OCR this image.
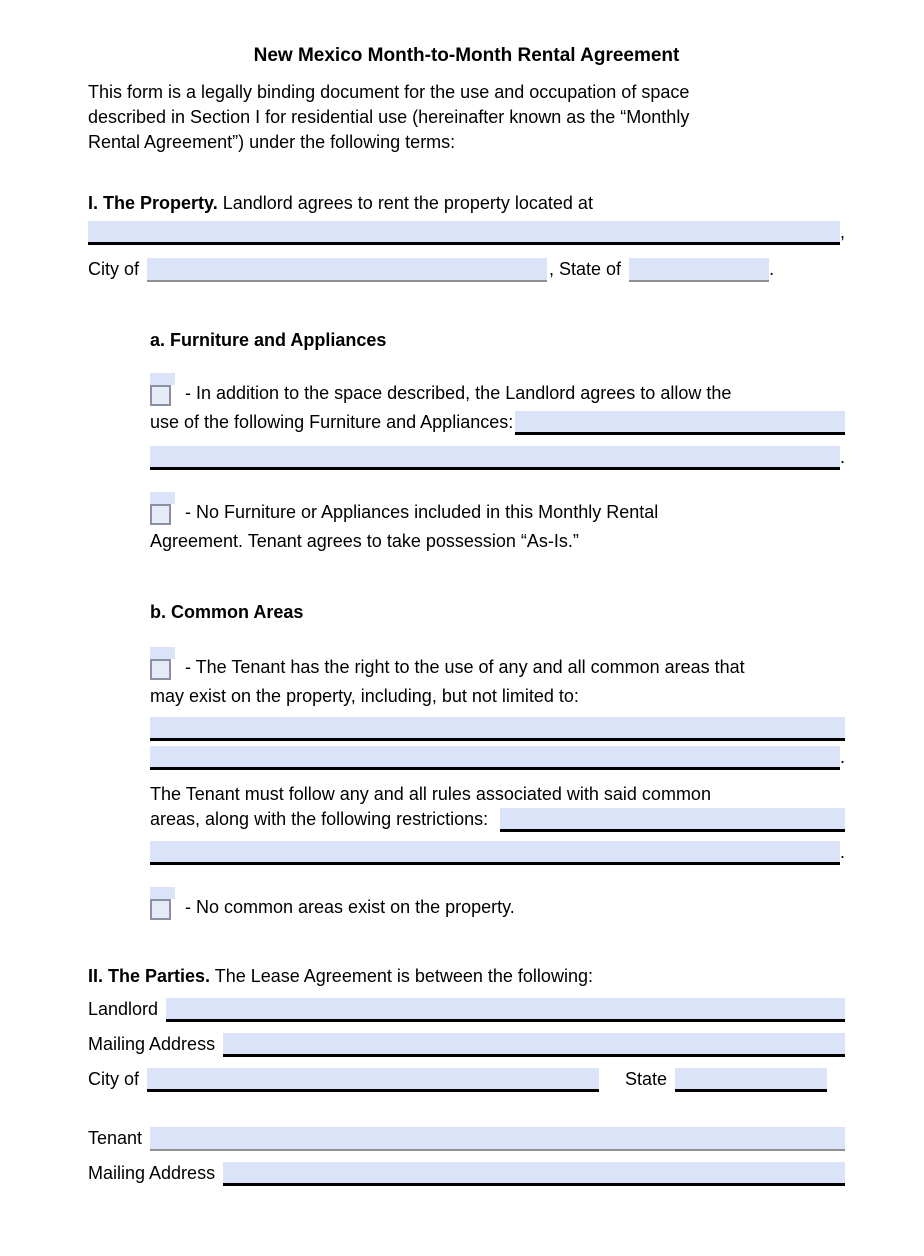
New Mexico Month-to-Month Rental Agreement
This form is a legally binding document for the use and occupation of space
described in Section I for residential use (hereinafter known as the “Monthly
Rental Agreement”) under the following terms:
I. The Property. Landlord agrees to rent the property located at
,
City of	, State of	.
a. Furniture and Appliances
- In addition to the space described, the Landlord agrees to allow the
use of the following Furniture and Appliances:
.
- No Furniture or Appliances included in this Monthly Rental
Agreement. Tenant agrees to take possession “As-Is.”
b. Common Areas
- The Tenant has the right to the use of any and all common areas that
may exist on the property, including, but not limited to:
.
The Tenant must follow any and all rules associated with said common
areas, along with the following restrictions:
.
- No common areas exist on the property.
II. The Parties. The Lease Agreement is between the following:
Landlord
Mailing Address
City of	State
Tenant
Mailing Address
